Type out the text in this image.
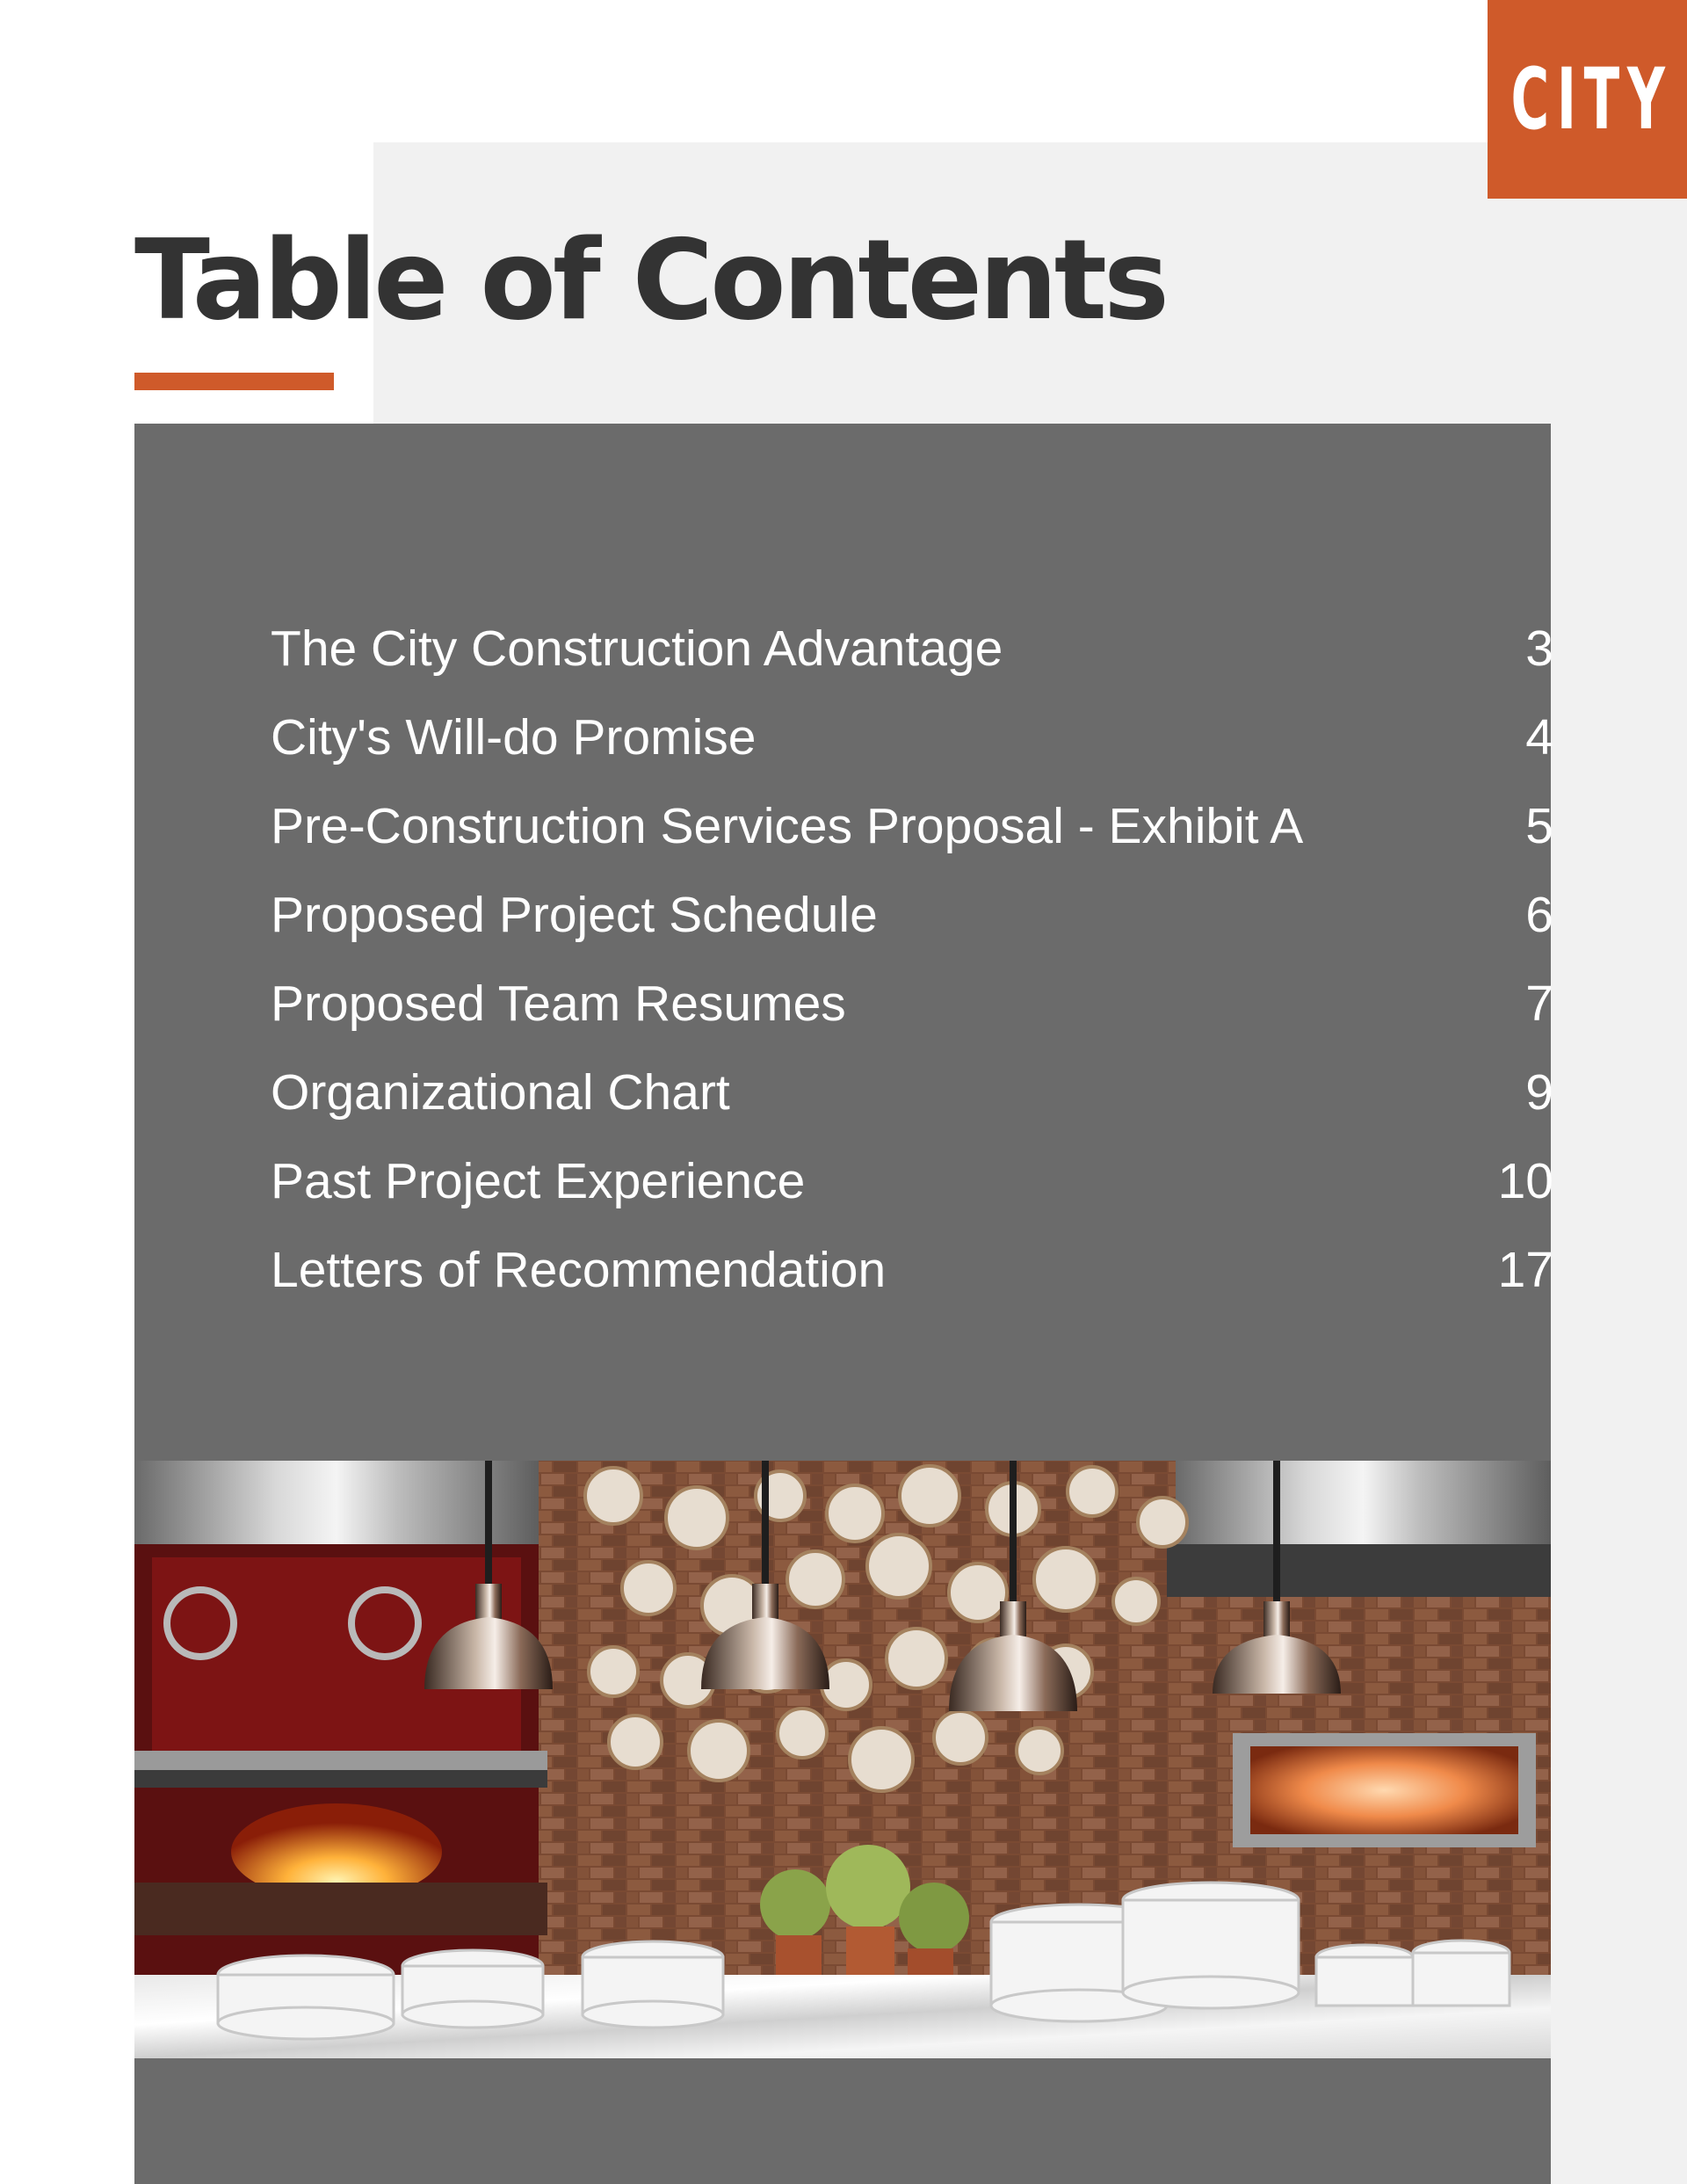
CITY
Table of Contents
The City Construction Advantage	3
City's Will-do Promise	4
Pre-Construction Services Proposal - Exhibit A	5
Proposed Project Schedule	6
Proposed Team Resumes	7
Organizational Chart	9
Past Project Experience	10
Letters of Recommendation	17
